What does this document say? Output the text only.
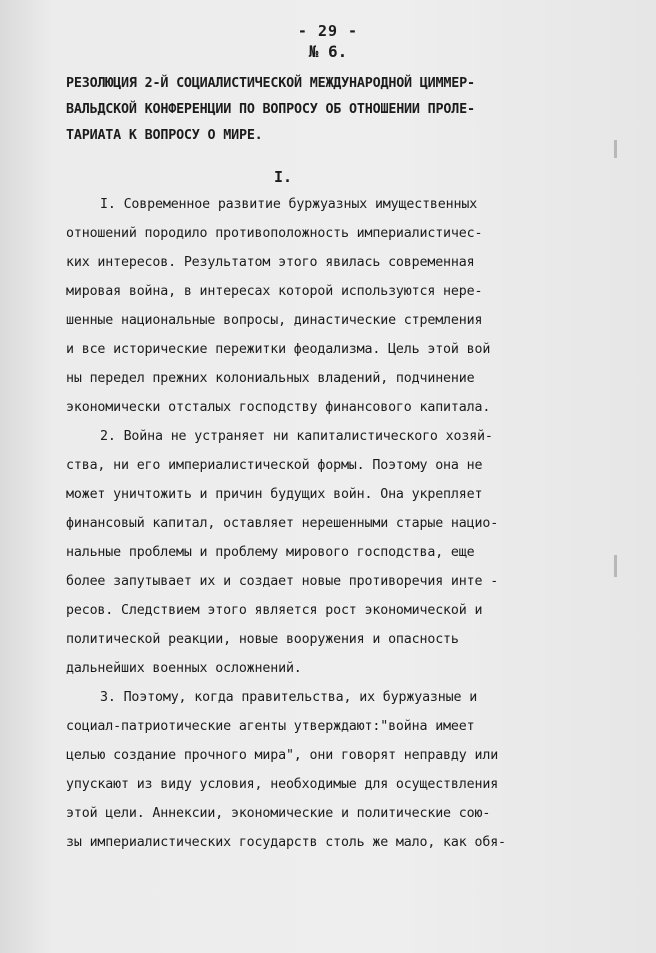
- 29 -
№ 6.
РЕЗОЛЮЦИЯ 2-Й СОЦИАЛИСТИЧЕСКОЙ МЕЖДУНАРОДНОЙ ЦИММЕР-
ВАЛЬДСКОЙ КОНФЕРЕНЦИИ ПО ВОПРОСУ ОБ ОТНОШЕНИИ ПРОЛЕ-
ТАРИАТА К ВОПРОСУ О МИРЕ.
I.
I. Современное развитие буржуазных имущественных
отношений породило противоположность империалистичес-
ких интересов. Результатом этого явилась современная
мировая война, в интересах которой используются нере-
шенные национальные вопросы, династические стремления
и все исторические пережитки феодализма. Цель этой вой
ны передел прежних колониальных владений, подчинение
экономически отсталых господству финансового капитала.
2. Война не устраняет ни капиталистического хозяй-
ства, ни его империалистической формы. Поэтому она не
может уничтожить и причин будущих войн. Она укрепляет
финансовый капитал, оставляет нерешенными старые нацио-
нальные проблемы и проблему мирового господства, еще
более запутывает их и создает новые противоречия инте -
ресов. Следствием этого является рост экономической и
политической реакции, новые вооружения и опасность
дальнейших военных осложнений.
3. Поэтому, когда правительства, их буржуазные и
социал-патриотические агенты утверждают:"война имеет
целью создание прочного мира", они говорят неправду или
упускают из виду условия, необходимые для осуществления
этой цели. Аннексии, экономические и политические сою-
зы империалистических государств столь же мало, как обя-
